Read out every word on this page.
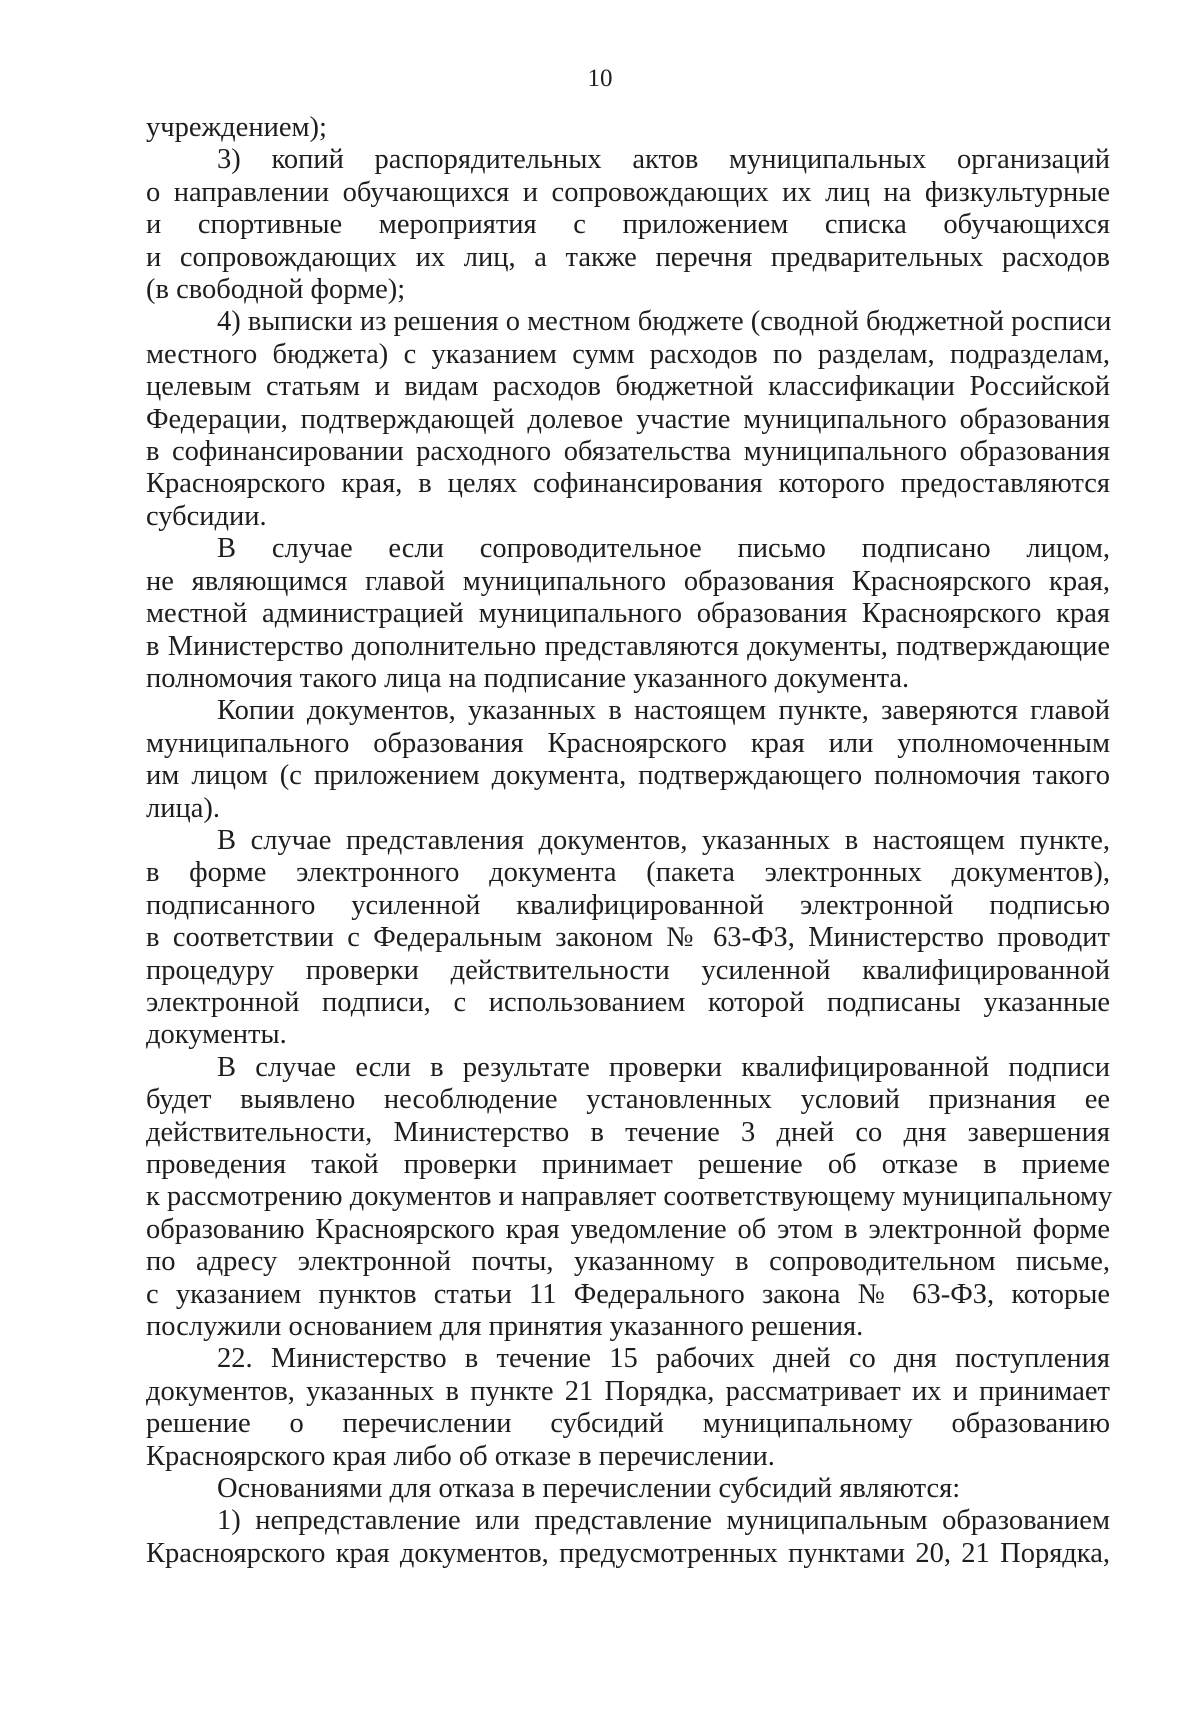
10
учреждением);
3) копий распорядительных актов муниципальных организаций
о направлении обучающихся и сопровождающих их лиц на физкультурные
и спортивные мероприятия с приложением списка обучающихся
и сопровождающих их лиц, а также перечня предварительных расходов
(в свободной форме);
4) выписки из решения о местном бюджете (сводной бюджетной росписи
местного бюджета) с указанием сумм расходов по разделам, подразделам,
целевым статьям и видам расходов бюджетной классификации Российской
Федерации, подтверждающей долевое участие муниципального образования
в софинансировании расходного обязательства муниципального образования
Красноярского края, в целях софинансирования которого предоставляются
субсидии.
В случае если сопроводительное письмо подписано лицом,
не являющимся главой муниципального образования Красноярского края,
местной администрацией муниципального образования Красноярского края
в Министерство дополнительно представляются документы, подтверждающие
полномочия такого лица на подписание указанного документа.
Копии документов, указанных в настоящем пункте, заверяются главой
муниципального образования Красноярского края или уполномоченным
им лицом (с приложением документа, подтверждающего полномочия такого
лица).
В случае представления документов, указанных в настоящем пункте,
в форме электронного документа (пакета электронных документов),
подписанного усиленной квалифицированной электронной подписью
в соответствии с Федеральным законом № 63-ФЗ, Министерство проводит
процедуру проверки действительности усиленной квалифицированной
электронной подписи, с использованием которой подписаны указанные
документы.
В случае если в результате проверки квалифицированной подписи
будет выявлено несоблюдение установленных условий признания ее
действительности, Министерство в течение 3 дней со дня завершения
проведения такой проверки принимает решение об отказе в приеме
к рассмотрению документов и направляет соответствующему муниципальному
образованию Красноярского края уведомление об этом в электронной форме
по адресу электронной почты, указанному в сопроводительном письме,
с указанием пунктов статьи 11 Федерального закона № 63-ФЗ, которые
послужили основанием для принятия указанного решения.
22. Министерство в течение 15 рабочих дней со дня поступления
документов, указанных в пункте 21 Порядка, рассматривает их и принимает
решение о перечислении субсидий муниципальному образованию
Красноярского края либо об отказе в перечислении.
Основаниями для отказа в перечислении субсидий являются:
1) непредставление или представление муниципальным образованием
Красноярского края документов, предусмотренных пунктами 20, 21 Порядка,
